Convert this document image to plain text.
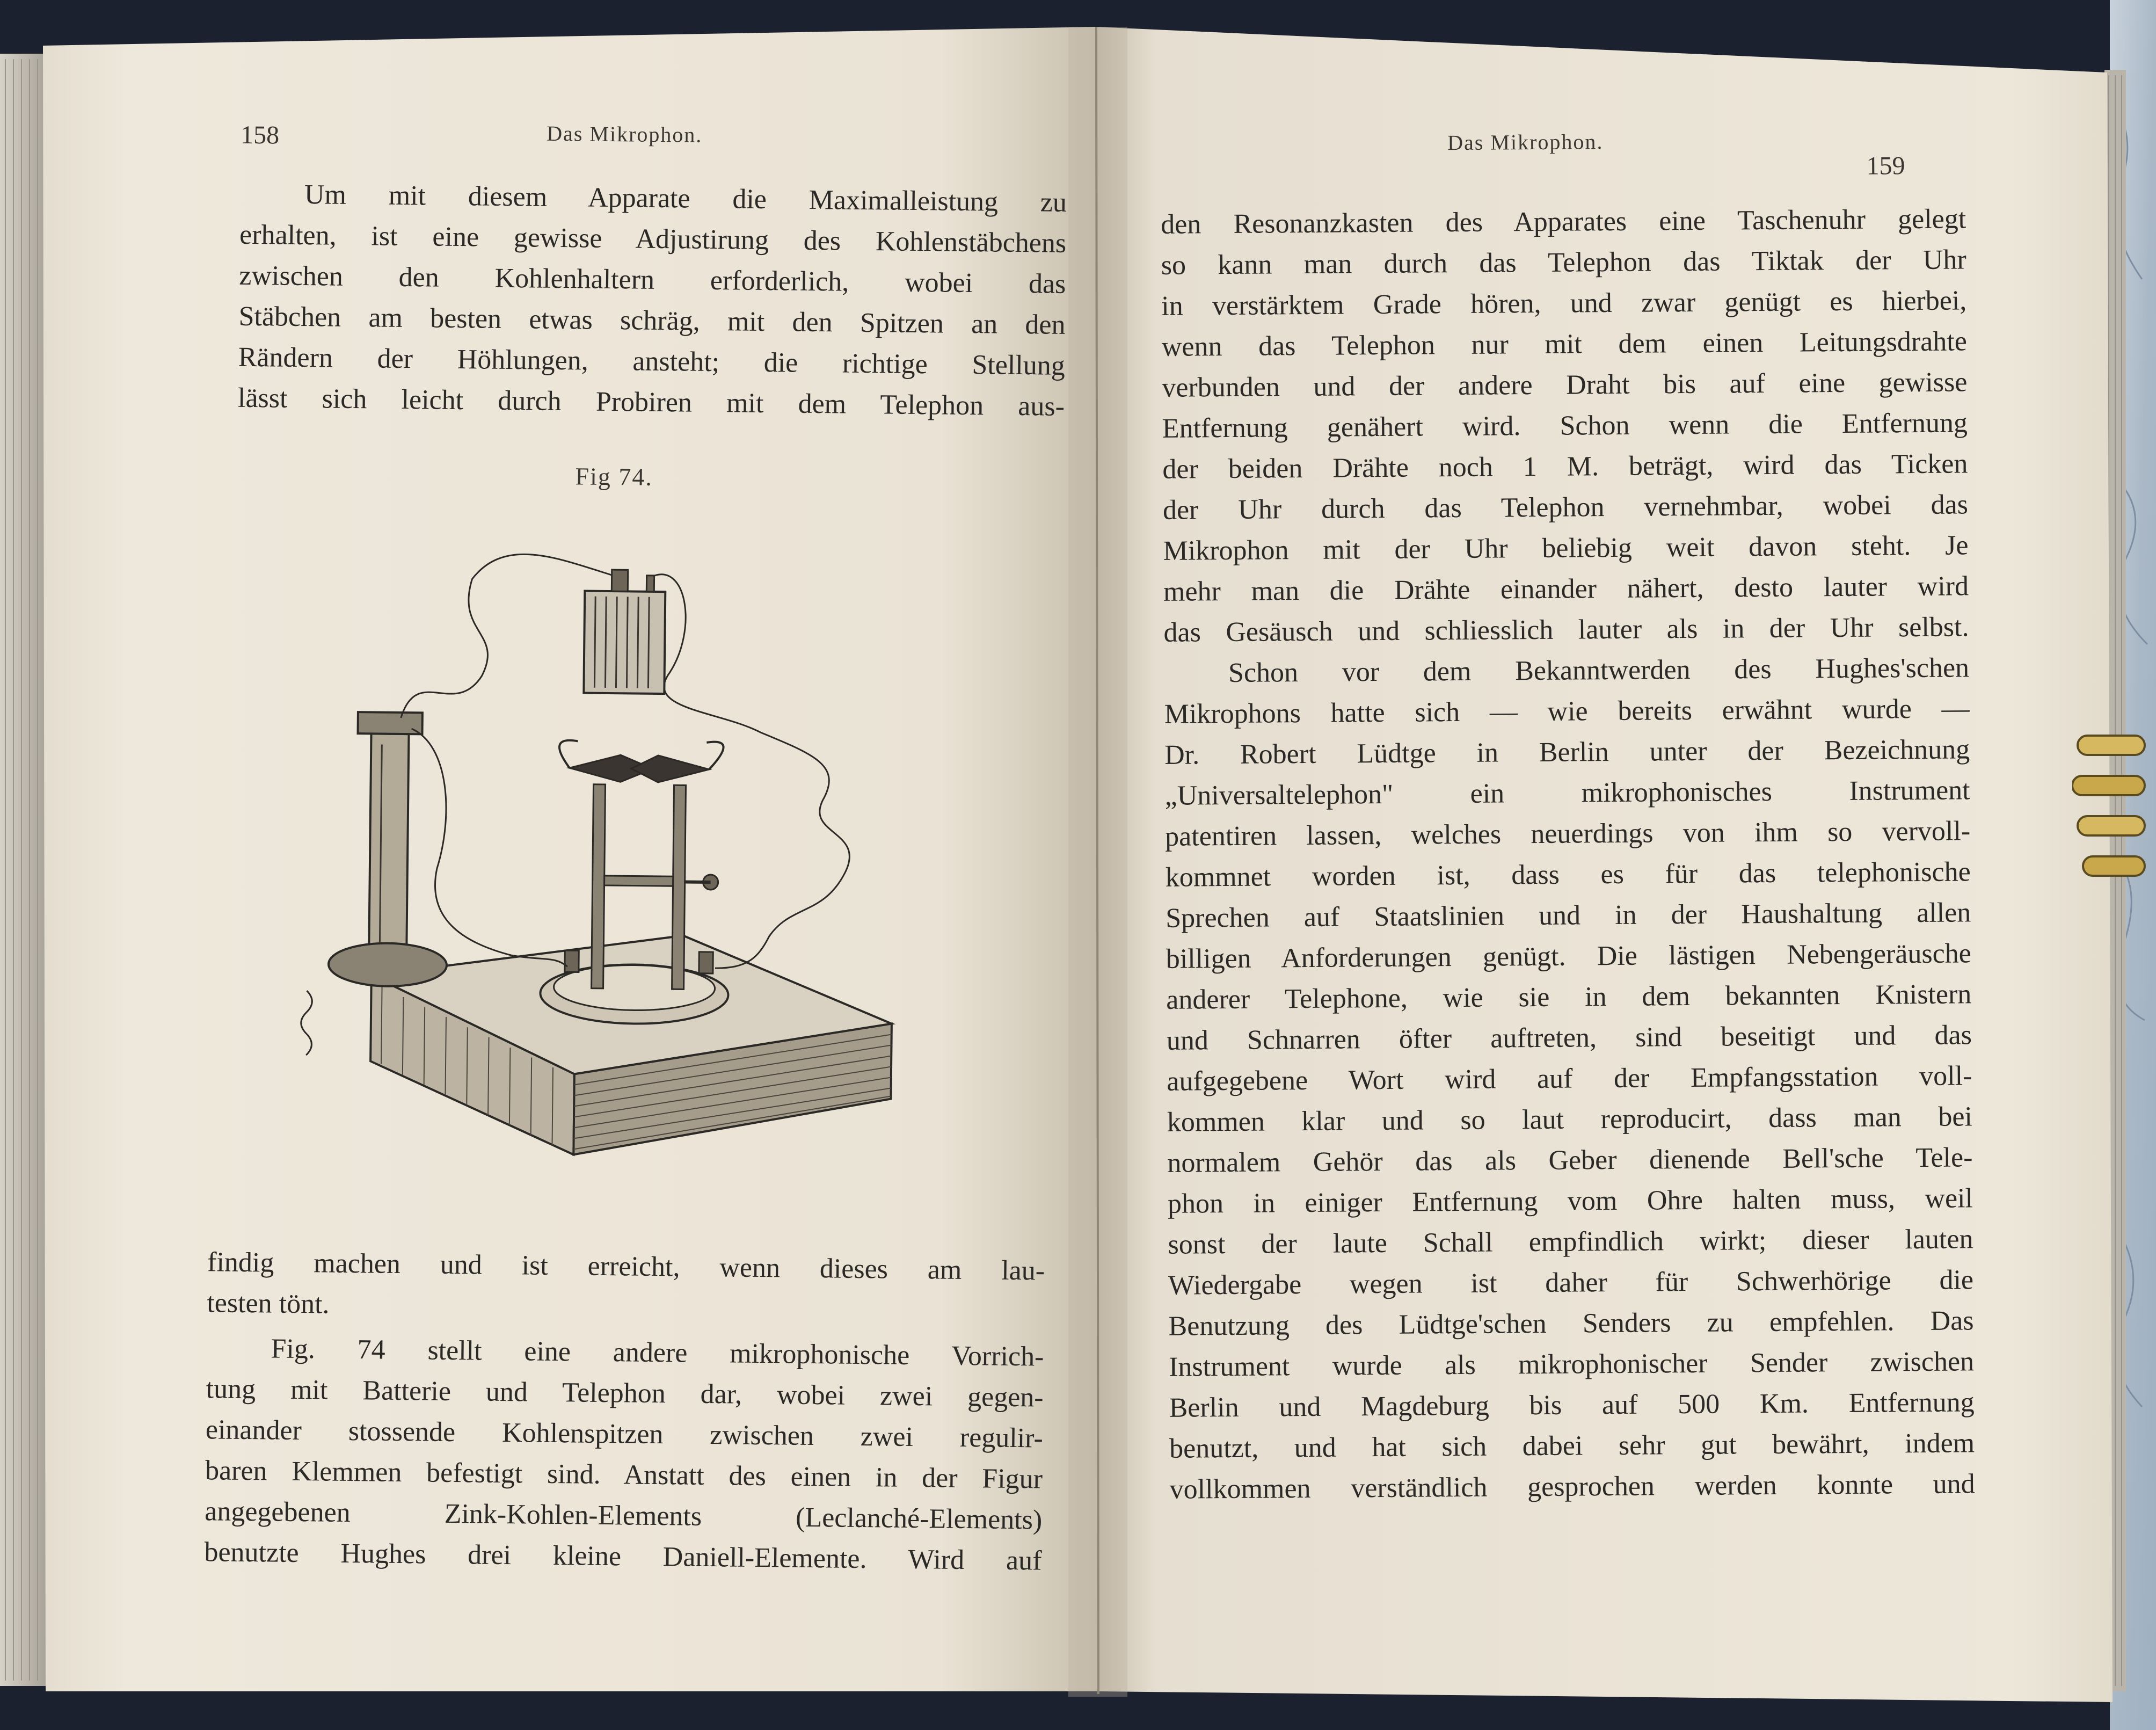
158	Das Mikrophon.
Um mit diesem Apparate die Maximalleistung zu
erhalten, ist eine gewisse Adjustirung des Kohlenstäbchens
zwischen den Kohlenhaltern erforderlich, wobei das
Stäbchen am besten etwas schräg, mit den Spitzen an den
Rändern der Höhlungen, ansteht; die richtige Stellung
lässt sich leicht durch Probiren mit dem Telephon aus-
Fig 74.
findig machen und ist erreicht, wenn dieses am lau-
testen tönt.
Fig. 74 stellt eine andere mikrophonische Vorrich-
tung mit Batterie und Telephon dar, wobei zwei gegen-
einander stossende Kohlenspitzen zwischen zwei regulir-
baren Klemmen befestigt sind. Anstatt des einen in der Figur
angegebenen Zink-Kohlen-Elements (Leclanché-Elements)
benutzte Hughes drei kleine Daniell-Elemente. Wird auf
Das Mikrophon.
159
den Resonanzkasten des Apparates eine Taschenuhr gelegt
so kann man durch das Telephon das Tiktak der Uhr
in verstärktem Grade hören, und zwar genügt es hierbei,
wenn das Telephon nur mit dem einen Leitungsdrahte
verbunden und der andere Draht bis auf eine gewisse
Entfernung genähert wird. Schon wenn die Entfernung
der beiden Drähte noch 1 M. beträgt, wird das Ticken
der Uhr durch das Telephon vernehmbar, wobei das
Mikrophon mit der Uhr beliebig weit davon steht. Je
mehr man die Drähte einander nähert, desto lauter wird
das Gesäusch und schliesslich lauter als in der Uhr selbst.
Schon vor dem Bekanntwerden des Hughes'schen
Mikrophons hatte sich — wie bereits erwähnt wurde —
Dr. Robert Lüdtge in Berlin unter der Bezeichnung
„Universaltelephon" ein mikrophonisches Instrument
patentiren lassen, welches neuerdings von ihm so vervoll-
kommnet worden ist, dass es für das telephonische
Sprechen auf Staatslinien und in der Haushaltung allen
billigen Anforderungen genügt. Die lästigen Nebengeräusche
anderer Telephone, wie sie in dem bekannten Knistern
und Schnarren öfter auftreten, sind beseitigt und das
aufgegebene Wort wird auf der Empfangsstation voll-
kommen klar und so laut reproducirt, dass man bei
normalem Gehör das als Geber dienende Bell'sche Tele-
phon in einiger Entfernung vom Ohre halten muss, weil
sonst der laute Schall empfindlich wirkt; dieser lauten
Wiedergabe wegen ist daher für Schwerhörige die
Benutzung des Lüdtge'schen Senders zu empfehlen. Das
Instrument wurde als mikrophonischer Sender zwischen
Berlin und Magdeburg bis auf 500 Km. Entfernung
benutzt, und hat sich dabei sehr gut bewährt, indem
vollkommen verständlich gesprochen werden konnte und
